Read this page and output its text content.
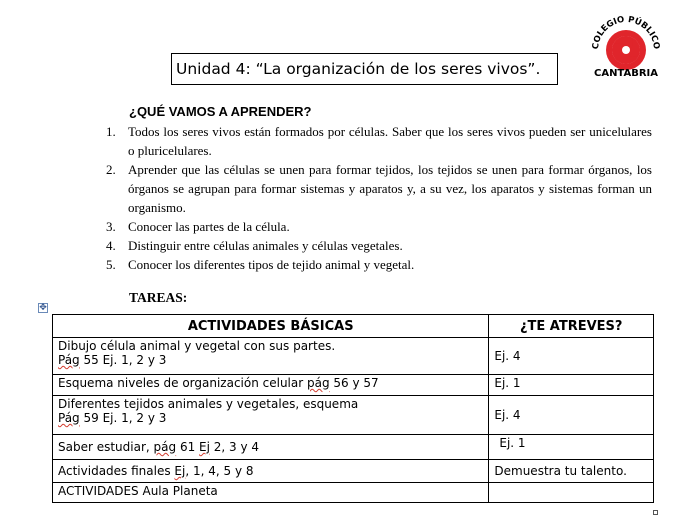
Unidad 4: “La organización de los seres vivos”.
COLEGIO PÚBLICO
CANTABRIA
¿QUÉ VAMOS A APRENDER?
1. Todos los seres vivos están formados por células. Saber que los seres vivos pueden ser unicelulares o pluricelulares.
2. Aprender que las células se unen para formar tejidos, los tejidos se unen para formar órganos, los órganos se agrupan para formar sistemas y aparatos y, a su vez, los aparatos y sistemas forman un organismo.
3. Conocer las partes de la célula.
4. Distinguir entre células animales y células vegetales.
5. Conocer los diferentes tipos de tejido animal y vegetal.
TAREAS:
✥
ACTIVIDADES BÁSICAS	¿TE ATREVES?
Dibujo célula animal y vegetal con sus partes.
Pág 55 Ej. 1, 2 y 3	Ej. 4
Esquema niveles de organización celular pág 56 y 57	Ej. 1
Diferentes tejidos animales y vegetales, esquema
Pág 59 Ej. 1, 2 y 3	Ej. 4
Saber estudiar, pág 61 Ej 2, 3 y 4	Ej. 1
Actividades finales Ej, 1, 4, 5 y 8	Demuestra tu talento.
ACTIVIDADES Aula Planeta	
